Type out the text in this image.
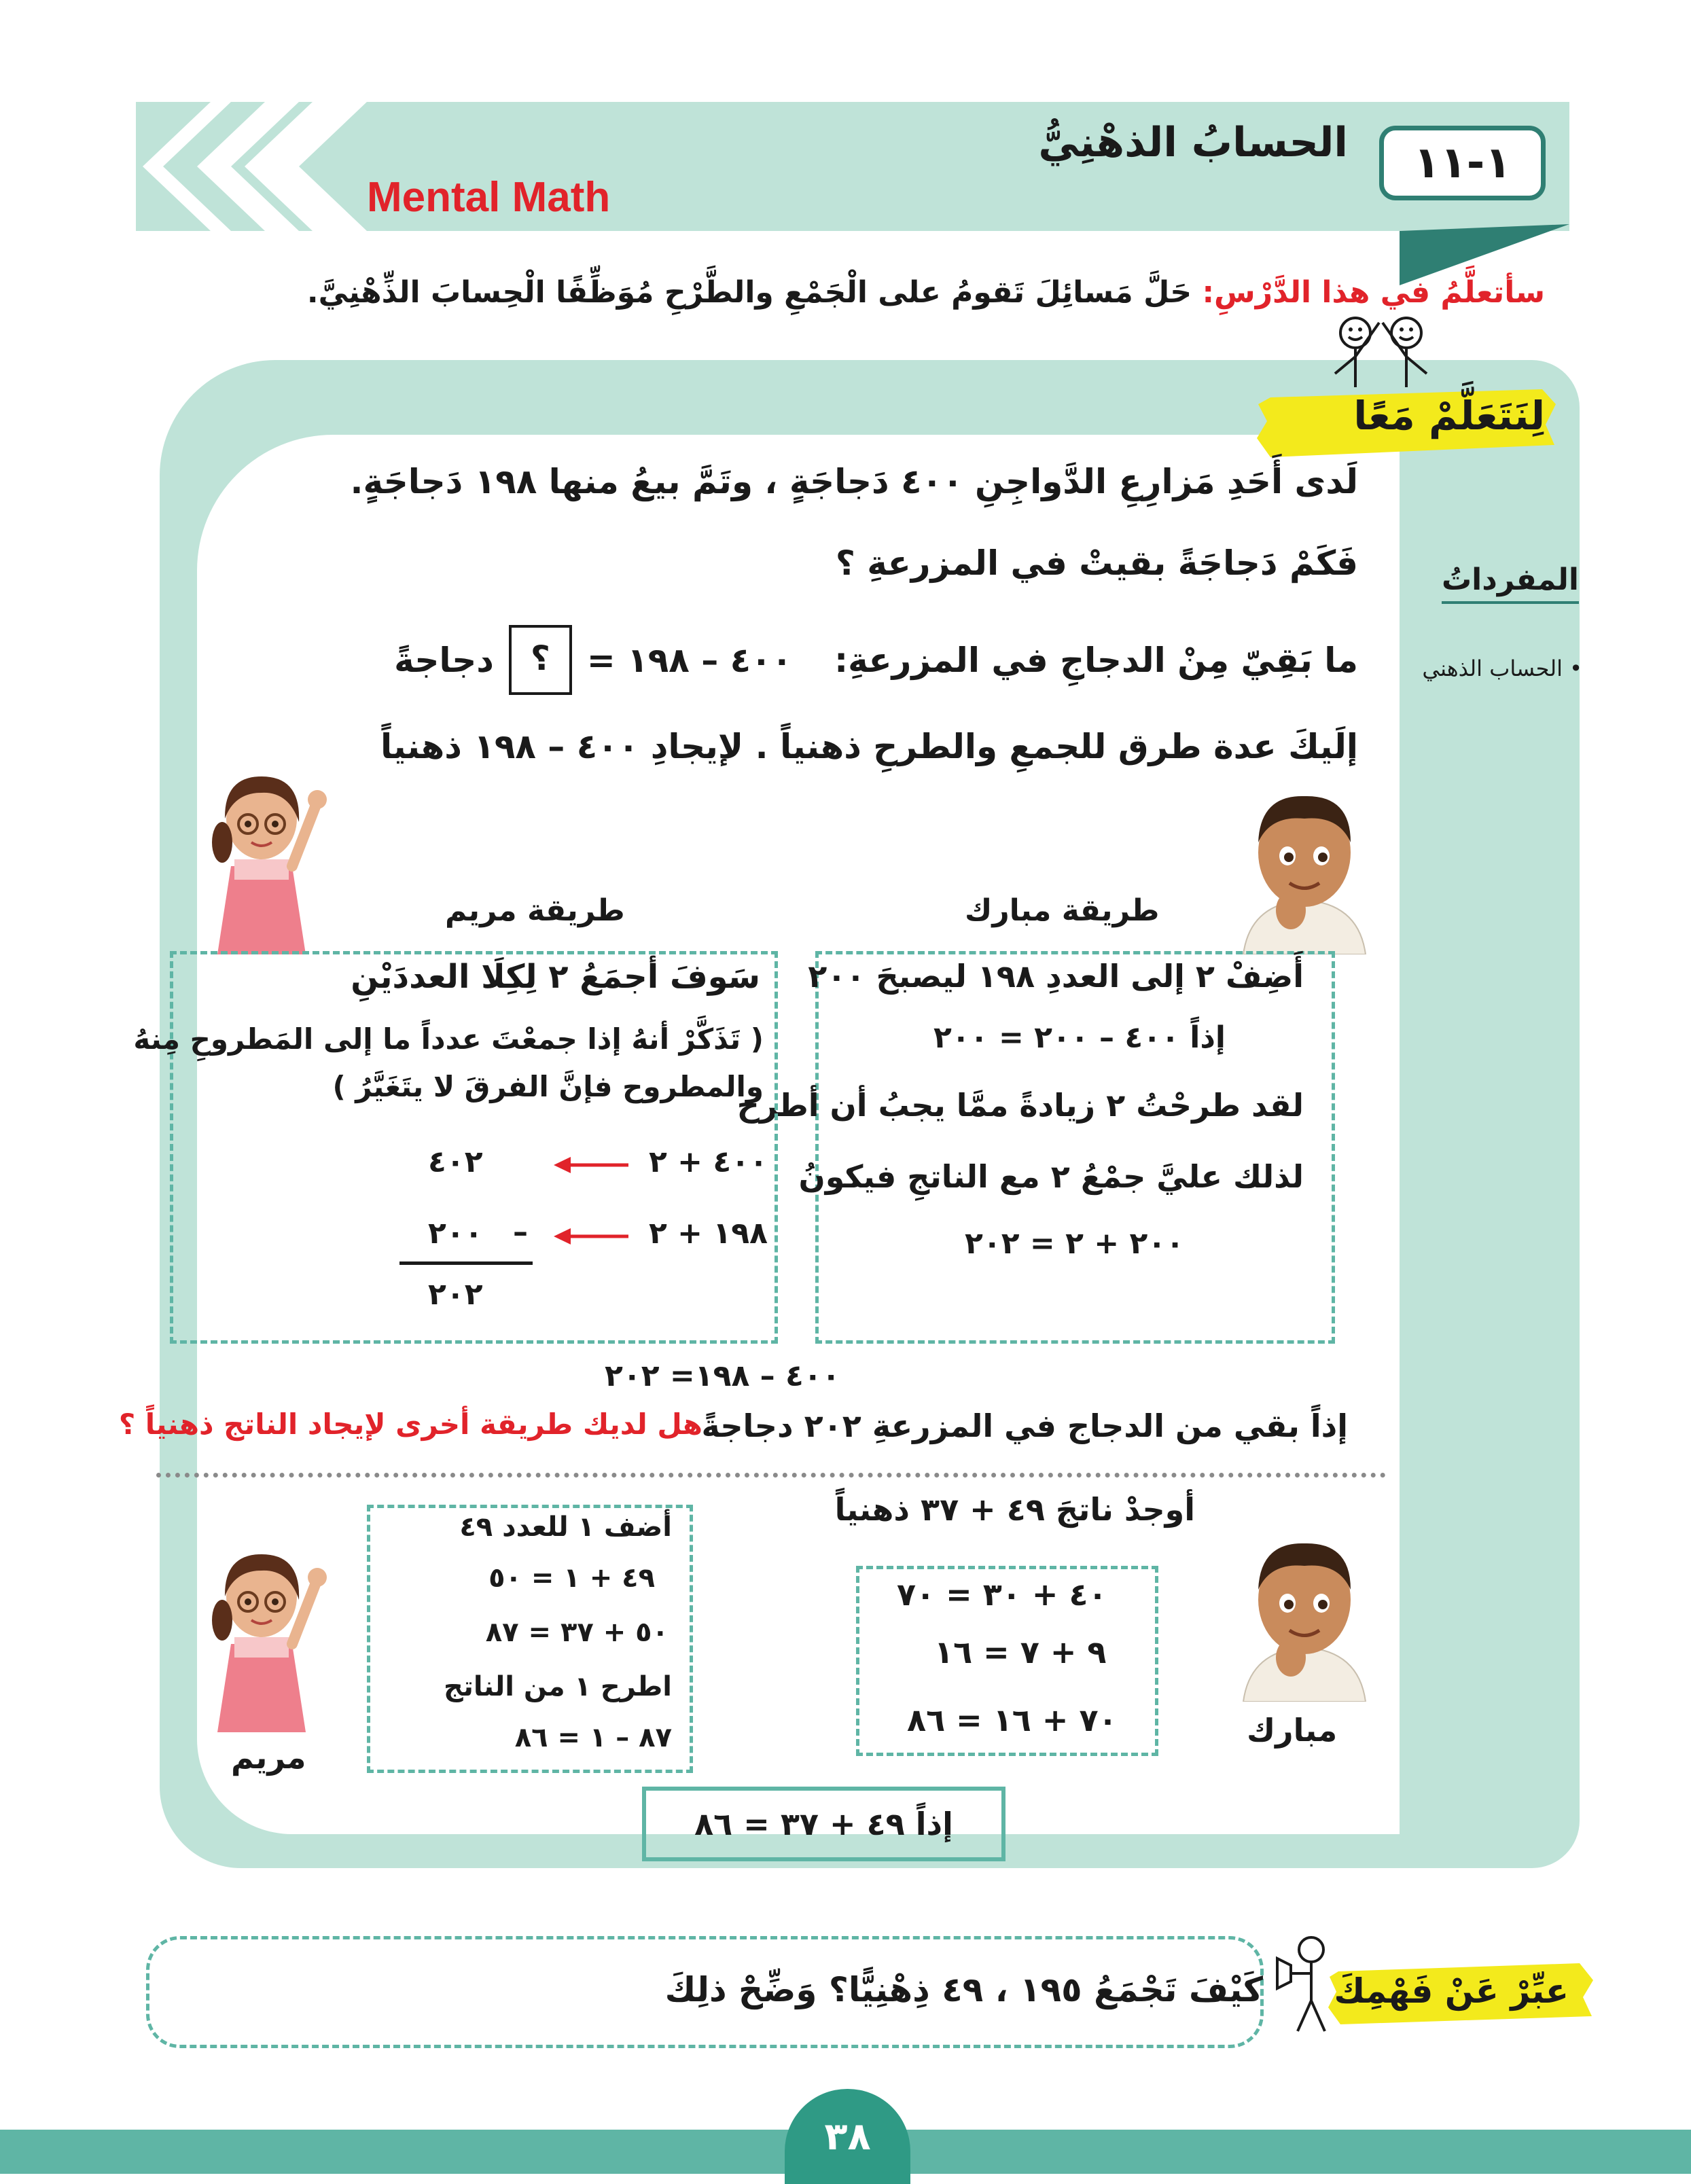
١-١١
الحسابُ الذهْنِيُّ
Mental Math
سأتعلَّمُ في هذا الدَّرْسِ: حَلَّ مَسائِلَ تَقومُ على الْجَمْعِ والطَّرْحِ مُوَظِّفًا الْحِسابَ الذِّهْنِيَّ.
لِنَتَعَلَّمْ مَعًا
لَدى أَحَدِ مَزارِعِ الدَّواجِنِ ٤٠٠ دَجاجَةٍ ، وتَمَّ بيعُ منها ١٩٨ دَجاجَةٍ.
فَكَمْ دَجاجَةً بقيتْ في المزرعةِ ؟
ما بَقِيّ مِنْ الدجاجِ في المزرعةِ:
٤٠٠ – ١٩٨ =
؟
دجاجةً
إلَيكَ عدة طرق للجمعِ والطرحِ ذهنياً . لإيجادِ ٤٠٠ – ١٩٨ ذهنياً
المفرداتُ
• الحساب الذهني
طريقة مبارك
طريقة مريم
أَضِفْ ٢ إلى العددِ ١٩٨ ليصبحَ ٢٠٠
إذاً ٤٠٠ – ٢٠٠ = ٢٠٠
لقد طرحْتُ ٢ زيادةً ممَّا يجبُ أن أطرح
لذلك عليَّ جمْعُ ٢ مع الناتجِ فيكونُ
٢٠٠ + ٢ = ٢٠٢
سَوفَ أجمَعُ ٢ لِكِلَا العددَيْنِ
( تَذَكَّرْ أنهُ إذا جمعْتَ عدداً ما إلى المَطروحِ مِنهُ
والمطروح فإنَّ الفرقَ لا يتَغَيَّرُ )
٤٠٠ + ٢
٤٠٢
١٩٨ + ٢
–
٢٠٠
٢٠٢
٤٠٠ – ١٩٨= ٢٠٢
إذاً بقي من الدجاج في المزرعةِ ٢٠٢ دجاجةً
هل لديك طريقة أخرى لإيجاد الناتج ذهنياً ؟
أوجدْ ناتجَ ٤٩ + ٣٧ ذهنياً
مبارك
٤٠ + ٣٠ = ٧٠
٩ + ٧ = ١٦
٧٠ + ١٦ = ٨٦
مريم
أضف ١ للعدد ٤٩
٤٩ + ١ = ٥٠
٥٠ + ٣٧ = ٨٧
اطرح ١ من الناتج
٨٧ – ١ = ٨٦
إذاً ٤٩ + ٣٧ = ٨٦
كَيْفَ تَجْمَعُ ١٩٥ ، ٤٩ ذِهْنِيًّا؟ وَضِّحْ ذلِكَ عبِّرْ عَنْ فَهْمِكَ
٣٨
